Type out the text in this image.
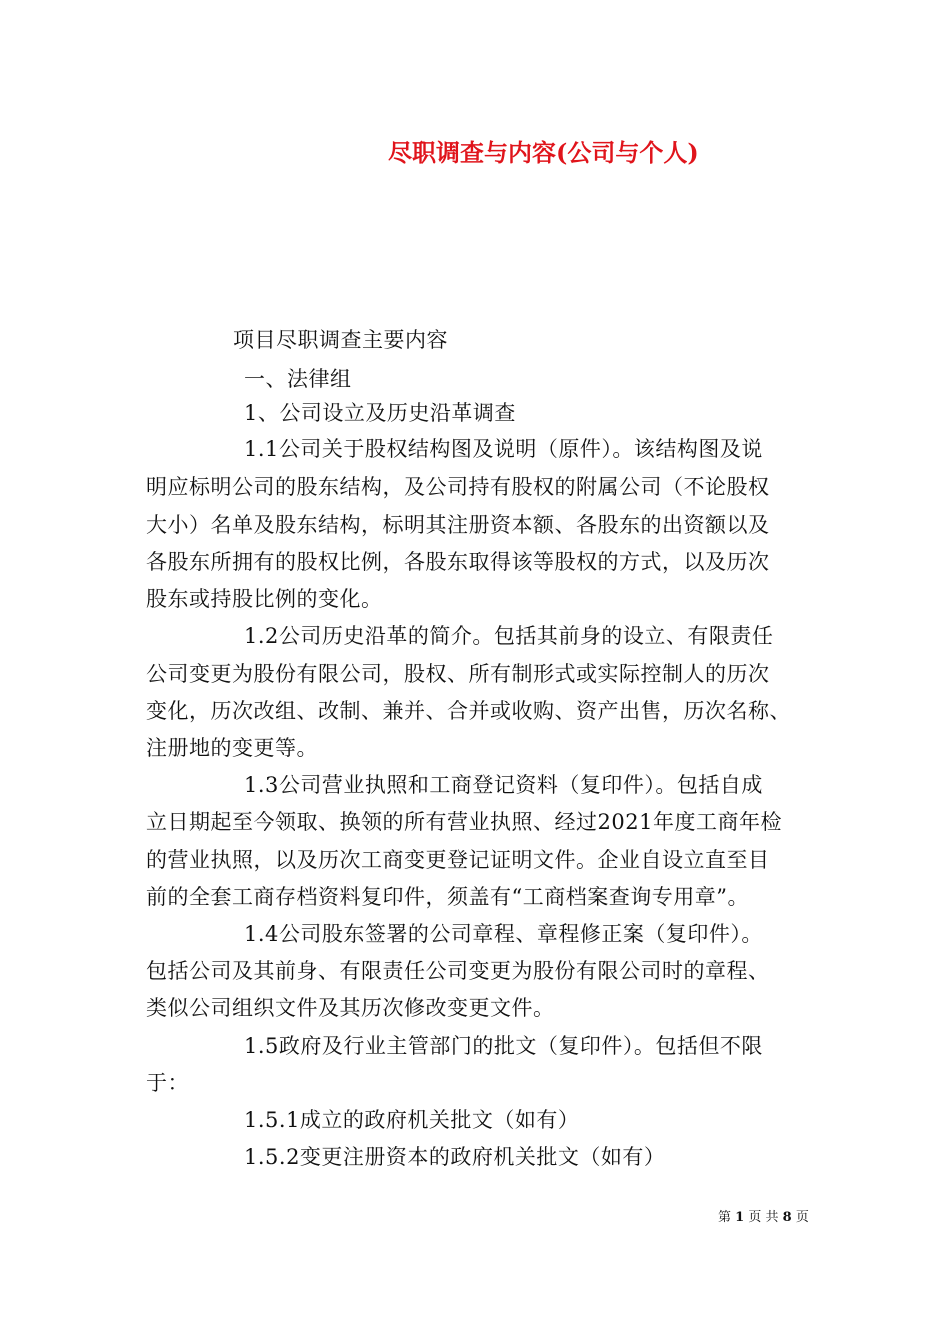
尽职调查与内容(公司与个人)
项目尽职调查主要内容
一、法律组
1、公司设立及历史沿革调查
1.1公司关于股权结构图及说明（原件）。该结构图及说
明应标明公司的股东结构，及公司持有股权的附属公司（不论股权
大小）名单及股东结构，标明其注册资本额、各股东的出资额以及
各股东所拥有的股权比例，各股东取得该等股权的方式，以及历次
股东或持股比例的变化。
1.2公司历史沿革的简介。包括其前身的设立、有限责任
公司变更为股份有限公司，股权、所有制形式或实际控制人的历次
变化，历次改组、改制、兼并、合并或收购、资产出售，历次名称、
注册地的变更等。
1.3公司营业执照和工商登记资料（复印件）。包括自成
立日期起至今领取、换领的所有营业执照、经过2021年度工商年检
的营业执照，以及历次工商变更登记证明文件。企业自设立直至目
前的全套工商存档资料复印件，须盖有“工商档案查询专用章”。
1.4公司股东签署的公司章程、章程修正案（复印件）。
包括公司及其前身、有限责任公司变更为股份有限公司时的章程、
类似公司组织文件及其历次修改变更文件。
1.5政府及行业主管部门的批文（复印件）。包括但不限
于：
1.5.1成立的政府机关批文（如有）
1.5.2变更注册资本的政府机关批文（如有）
第 1 页 共 8 页
